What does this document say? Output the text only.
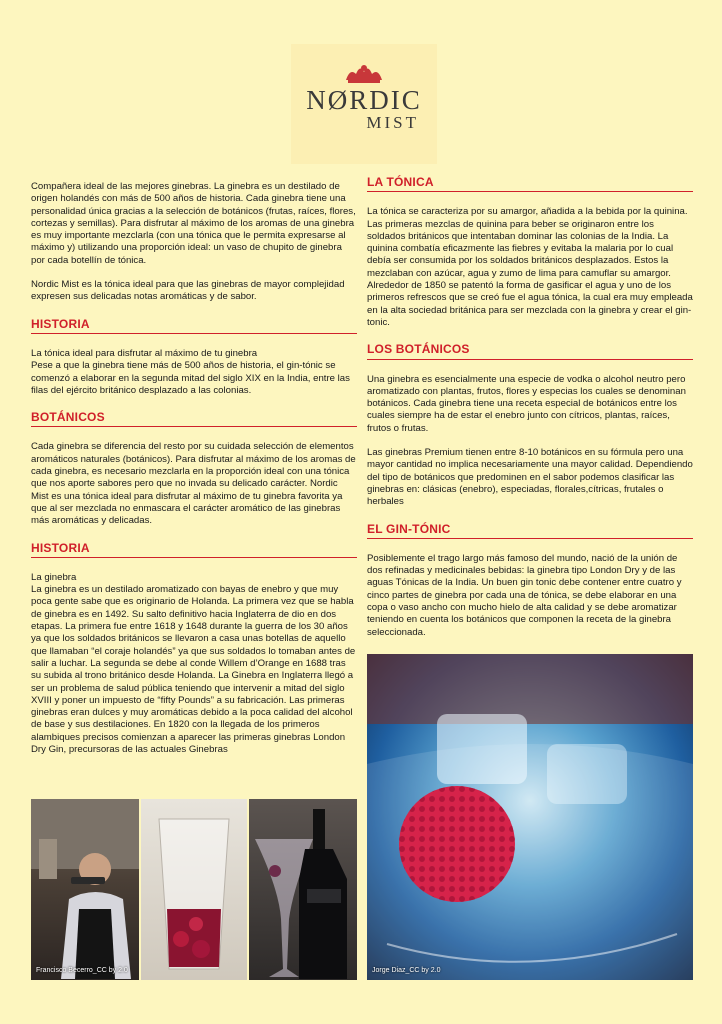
NØRDIC
MIST

Compañera ideal de las mejores ginebras. La ginebra es un destilado de origen holandés con más de 500 años de historia. Cada ginebra tiene una personalidad única gracias a la selección de botánicos (frutas, raíces, flores, cortezas y semillas). Para disfrutar al máximo de los aromas de una ginebra es muy importante mezclarla (con una tónica que le permita expresarse al máximo y) utilizando una proporción ideal: un vaso de chupito de ginebra por cada botellín de tónica.

Nordic Mist es la tónica ideal para que las ginebras de mayor complejidad expresen sus delicadas notas aromáticas y de sabor.

HISTORIA

La tónica ideal para disfrutar al máximo de tu ginebra

Pese a que la ginebra tiene más de 500 años de historia, el gin-tónic se comenzó a elaborar en la segunda mitad del siglo XIX en la India, entre las filas del ejército británico desplazado a las colonias.

BOTÁNICOS

Cada ginebra se diferencia del resto por su cuidada selección de elementos aromáticos naturales (botánicos). Para disfrutar al máximo de los aromas de cada ginebra, es necesario mezclarla en la proporción ideal con una tónica que nos aporte sabores pero que no invada su delicado carácter. Nordic Mist es una tónica ideal para disfrutar al máximo de tu ginebra favorita ya que al ser mezclada no enmascara el carácter aromático de las ginebras más aromáticas y delicadas.

HISTORIA

La ginebra

La ginebra es un destilado aromatizado con bayas de enebro y que muy poca gente sabe que es originario de Holanda. La primera vez que se habla de ginebra es en 1492. Su salto definitivo hacia Inglaterra de dio en dos etapas. La primera fue entre 1618 y 1648 durante la guerra de los 30 años ya que los soldados británicos se llevaron a casa unas botellas de aquello que llamaban “el coraje holandés” ya que sus soldados lo tomaban antes de salir a luchar. La segunda se debe al conde Willem d’Orange en 1688 tras su subida al trono británico desde Holanda. La Ginebra en Inglaterra llegó a ser un problema de salud pública teniendo que intervenir a mitad del siglo XVIII y poner un impuesto de “fifty Pounds” a su fabricación. Las primeras ginebras eran dulces y muy aromáticas debido a la poca calidad del alcohol de base y sus destilaciones. En 1820 con la llegada de los primeros alambiques precisos comienzan a aparecer las primeras ginebras London Dry Gin, precursoras de las actuales Ginebras

LA TÓNICA

La tónica se caracteriza por su amargor, añadida a la bebida por la quinina. Las primeras mezclas de quinina para beber se originaron entre los soldados británicos que intentaban dominar las colonias de la India. La quinina combatía eficazmente las fiebres y evitaba la malaria por lo cual debía ser consumida por los soldados británicos desplazados. Estos la mezclaban con azúcar, agua y zumo de lima para camuflar su amargor. Alrededor de 1850 se patentó la forma de gasificar el agua y uno de los primeros refrescos que se creó fue el agua tónica, la cual era muy empleada en la alta sociedad británica para ser mezclada con la ginebra y crear el gin-tonic.

LOS BOTÁNICOS

Una ginebra es esencialmente una especie de vodka o alcohol neutro pero aromatizado con plantas, frutos, flores y especias los cuales se denominan botánicos. Cada ginebra tiene una receta especial de botánicos entre los cuales siempre ha de estar el enebro junto con cítricos, plantas, raíces, frutos o frutas.

Las ginebras Premium tienen entre 8-10 botánicos en su fórmula pero una mayor cantidad no implica necesariamente una mayor calidad. Dependiendo del tipo de botánicos que predominen en el sabor podemos clasificar las ginebras en: clásicas (enebro), especiadas, florales,cítricas, frutales o herbales

EL GIN-TÓNIC

Posiblemente el trago largo más famoso del mundo, nació de la unión de dos refinadas y medicinales bebidas: la ginebra tipo London Dry y de las aguas Tónicas de la India. Un buen gin tonic debe contener entre cuatro y cinco partes de ginebra por cada una de tónica, se debe elaborar en una copa o vaso ancho con mucho hielo de alta calidad y se debe aromatizar teniendo en cuenta los botánicos que componen la receta de la ginebra seleccionada.

Francisco Becerro_CC by 2.0	Jorge Diaz_CC by 2.0
